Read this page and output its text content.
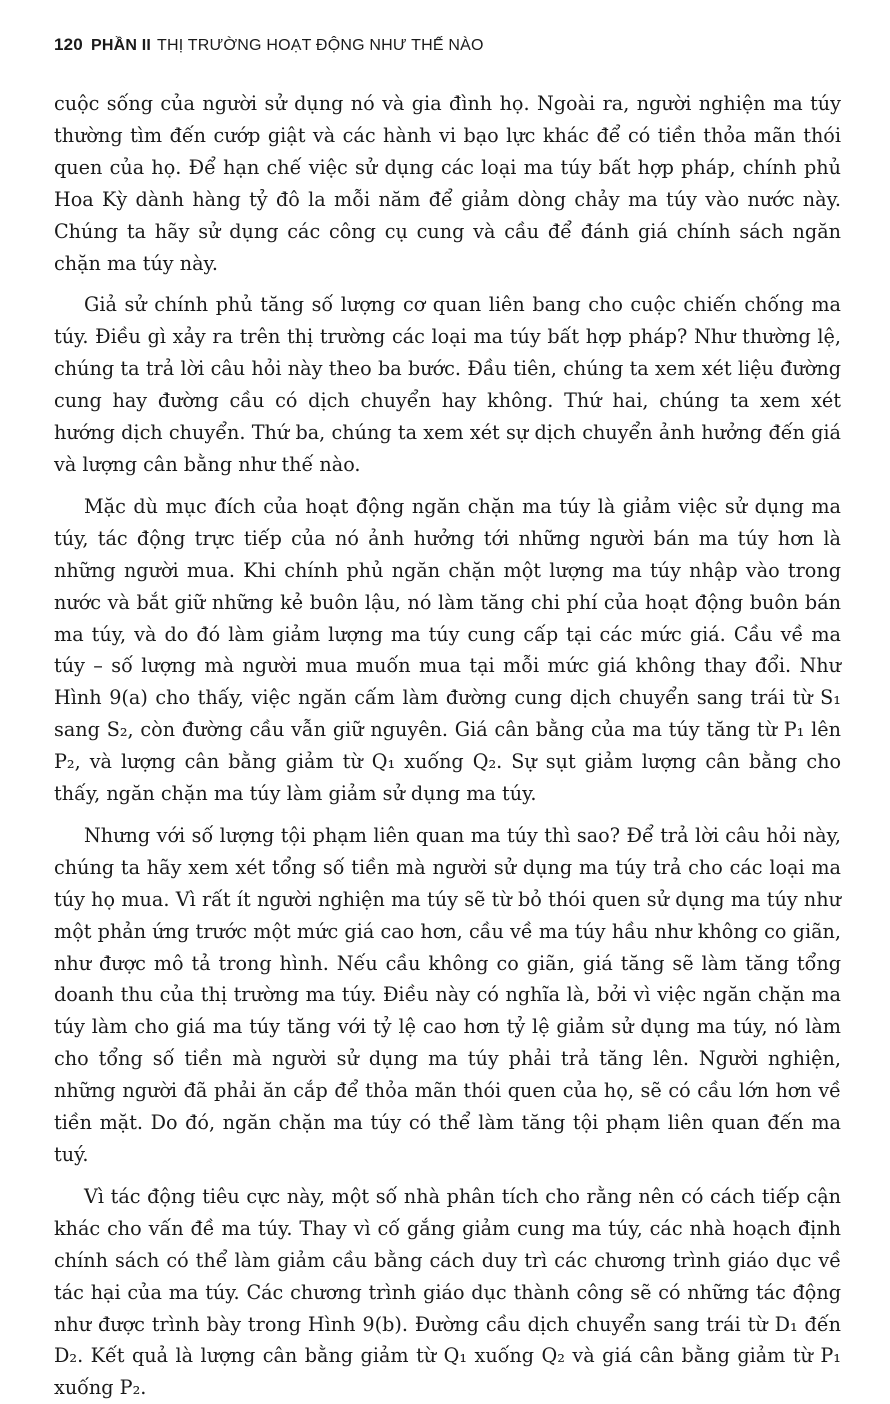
120 PHẦN II THỊ TRƯỜNG HOẠT ĐỘNG NHƯ THẾ NÀO

cuộc sống của người sử dụng nó và gia đình họ. Ngoài ra, người nghiện ma túy thường tìm đến cướp giật và các hành vi bạo lực khác để có tiền thỏa mãn thói quen của họ. Để hạn chế việc sử dụng các loại ma túy bất hợp pháp, chính phủ Hoa Kỳ dành hàng tỷ đô la mỗi năm để giảm dòng chảy ma túy vào nước này. Chúng ta hãy sử dụng các công cụ cung và cầu để đánh giá chính sách ngăn chặn ma túy này.

Giả sử chính phủ tăng số lượng cơ quan liên bang cho cuộc chiến chống ma túy. Điều gì xảy ra trên thị trường các loại ma túy bất hợp pháp? Như thường lệ, chúng ta trả lời câu hỏi này theo ba bước. Đầu tiên, chúng ta xem xét liệu đường cung hay đường cầu có dịch chuyển hay không. Thứ hai, chúng ta xem xét hướng dịch chuyển. Thứ ba, chúng ta xem xét sự dịch chuyển ảnh hưởng đến giá và lượng cân bằng như thế nào.

Mặc dù mục đích của hoạt động ngăn chặn ma túy là giảm việc sử dụng ma túy, tác động trực tiếp của nó ảnh hưởng tới những người bán ma túy hơn là những người mua. Khi chính phủ ngăn chặn một lượng ma túy nhập vào trong nước và bắt giữ những kẻ buôn lậu, nó làm tăng chi phí của hoạt động buôn bán ma túy, và do đó làm giảm lượng ma túy cung cấp tại các mức giá. Cầu về ma túy – số lượng mà người mua muốn mua tại mỗi mức giá không thay đổi. Như Hình 9(a) cho thấy, việc ngăn cấm làm đường cung dịch chuyển sang trái từ S₁ sang S₂, còn đường cầu vẫn giữ nguyên. Giá cân bằng của ma túy tăng từ P₁ lên P₂, và lượng cân bằng giảm từ Q₁ xuống Q₂. Sự sụt giảm lượng cân bằng cho thấy, ngăn chặn ma túy làm giảm sử dụng ma túy.

Nhưng với số lượng tội phạm liên quan ma túy thì sao? Để trả lời câu hỏi này, chúng ta hãy xem xét tổng số tiền mà người sử dụng ma túy trả cho các loại ma túy họ mua. Vì rất ít người nghiện ma túy sẽ từ bỏ thói quen sử dụng ma túy như một phản ứng trước một mức giá cao hơn, cầu về ma túy hầu như không co giãn, như được mô tả trong hình. Nếu cầu không co giãn, giá tăng sẽ làm tăng tổng doanh thu của thị trường ma túy. Điều này có nghĩa là, bởi vì việc ngăn chặn ma túy làm cho giá ma túy tăng với tỷ lệ cao hơn tỷ lệ giảm sử dụng ma túy, nó làm cho tổng số tiền mà người sử dụng ma túy phải trả tăng lên. Người nghiện, những người đã phải ăn cắp để thỏa mãn thói quen của họ, sẽ có cầu lớn hơn về tiền mặt. Do đó, ngăn chặn ma túy có thể làm tăng tội phạm liên quan đến ma tuý.

Vì tác động tiêu cực này, một số nhà phân tích cho rằng nên có cách tiếp cận khác cho vấn đề ma túy. Thay vì cố gắng giảm cung ma túy, các nhà hoạch định chính sách có thể làm giảm cầu bằng cách duy trì các chương trình giáo dục về tác hại của ma túy. Các chương trình giáo dục thành công sẽ có những tác động như được trình bày trong Hình 9(b). Đường cầu dịch chuyển sang trái từ D₁ đến D₂. Kết quả là lượng cân bằng giảm từ Q₁ xuống Q₂ và giá cân bằng giảm từ P₁ xuống P₂.
